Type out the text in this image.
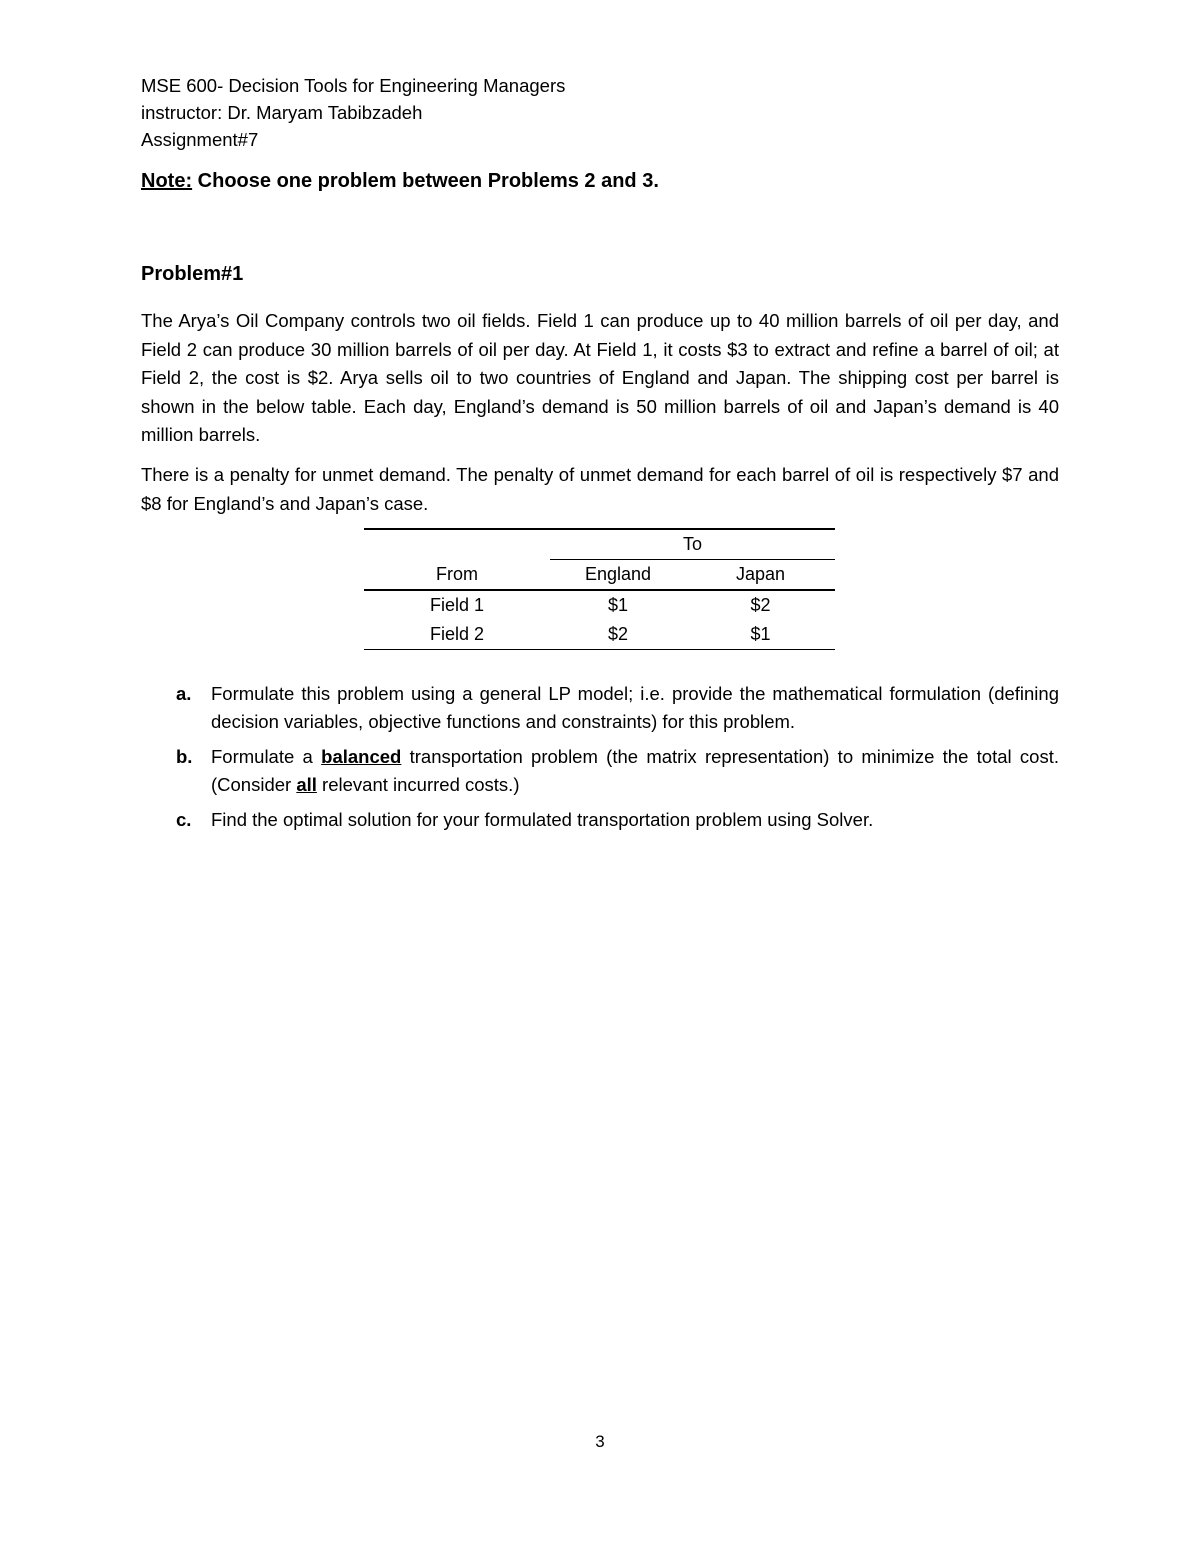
MSE 600- Decision Tools for Engineering Managers
instructor: Dr. Maryam Tabibzadeh
Assignment#7
Note: Choose one problem between Problems 2 and 3.
Problem#1
The Arya’s Oil Company controls two oil fields. Field 1 can produce up to 40 million barrels of oil per day, and Field 2 can produce 30 million barrels of oil per day. At Field 1, it costs $3 to extract and refine a barrel of oil; at Field 2, the cost is $2. Arya sells oil to two countries of England and Japan. The shipping cost per barrel is shown in the below table. Each day, England’s demand is 50 million barrels of oil and Japan’s demand is 40 million barrels.
There is a penalty for unmet demand. The penalty of unmet demand for each barrel of oil is respectively $7 and $8 for England’s and Japan’s case.
	To	
From	England	Japan
Field 1	$1	$2
Field 2	$2	$1
a. Formulate this problem using a general LP model; i.e. provide the mathematical formulation (defining decision variables, objective functions and constraints) for this problem.
b. Formulate a balanced transportation problem (the matrix representation) to minimize the total cost. (Consider all relevant incurred costs.)
c. Find the optimal solution for your formulated transportation problem using Solver.
3
